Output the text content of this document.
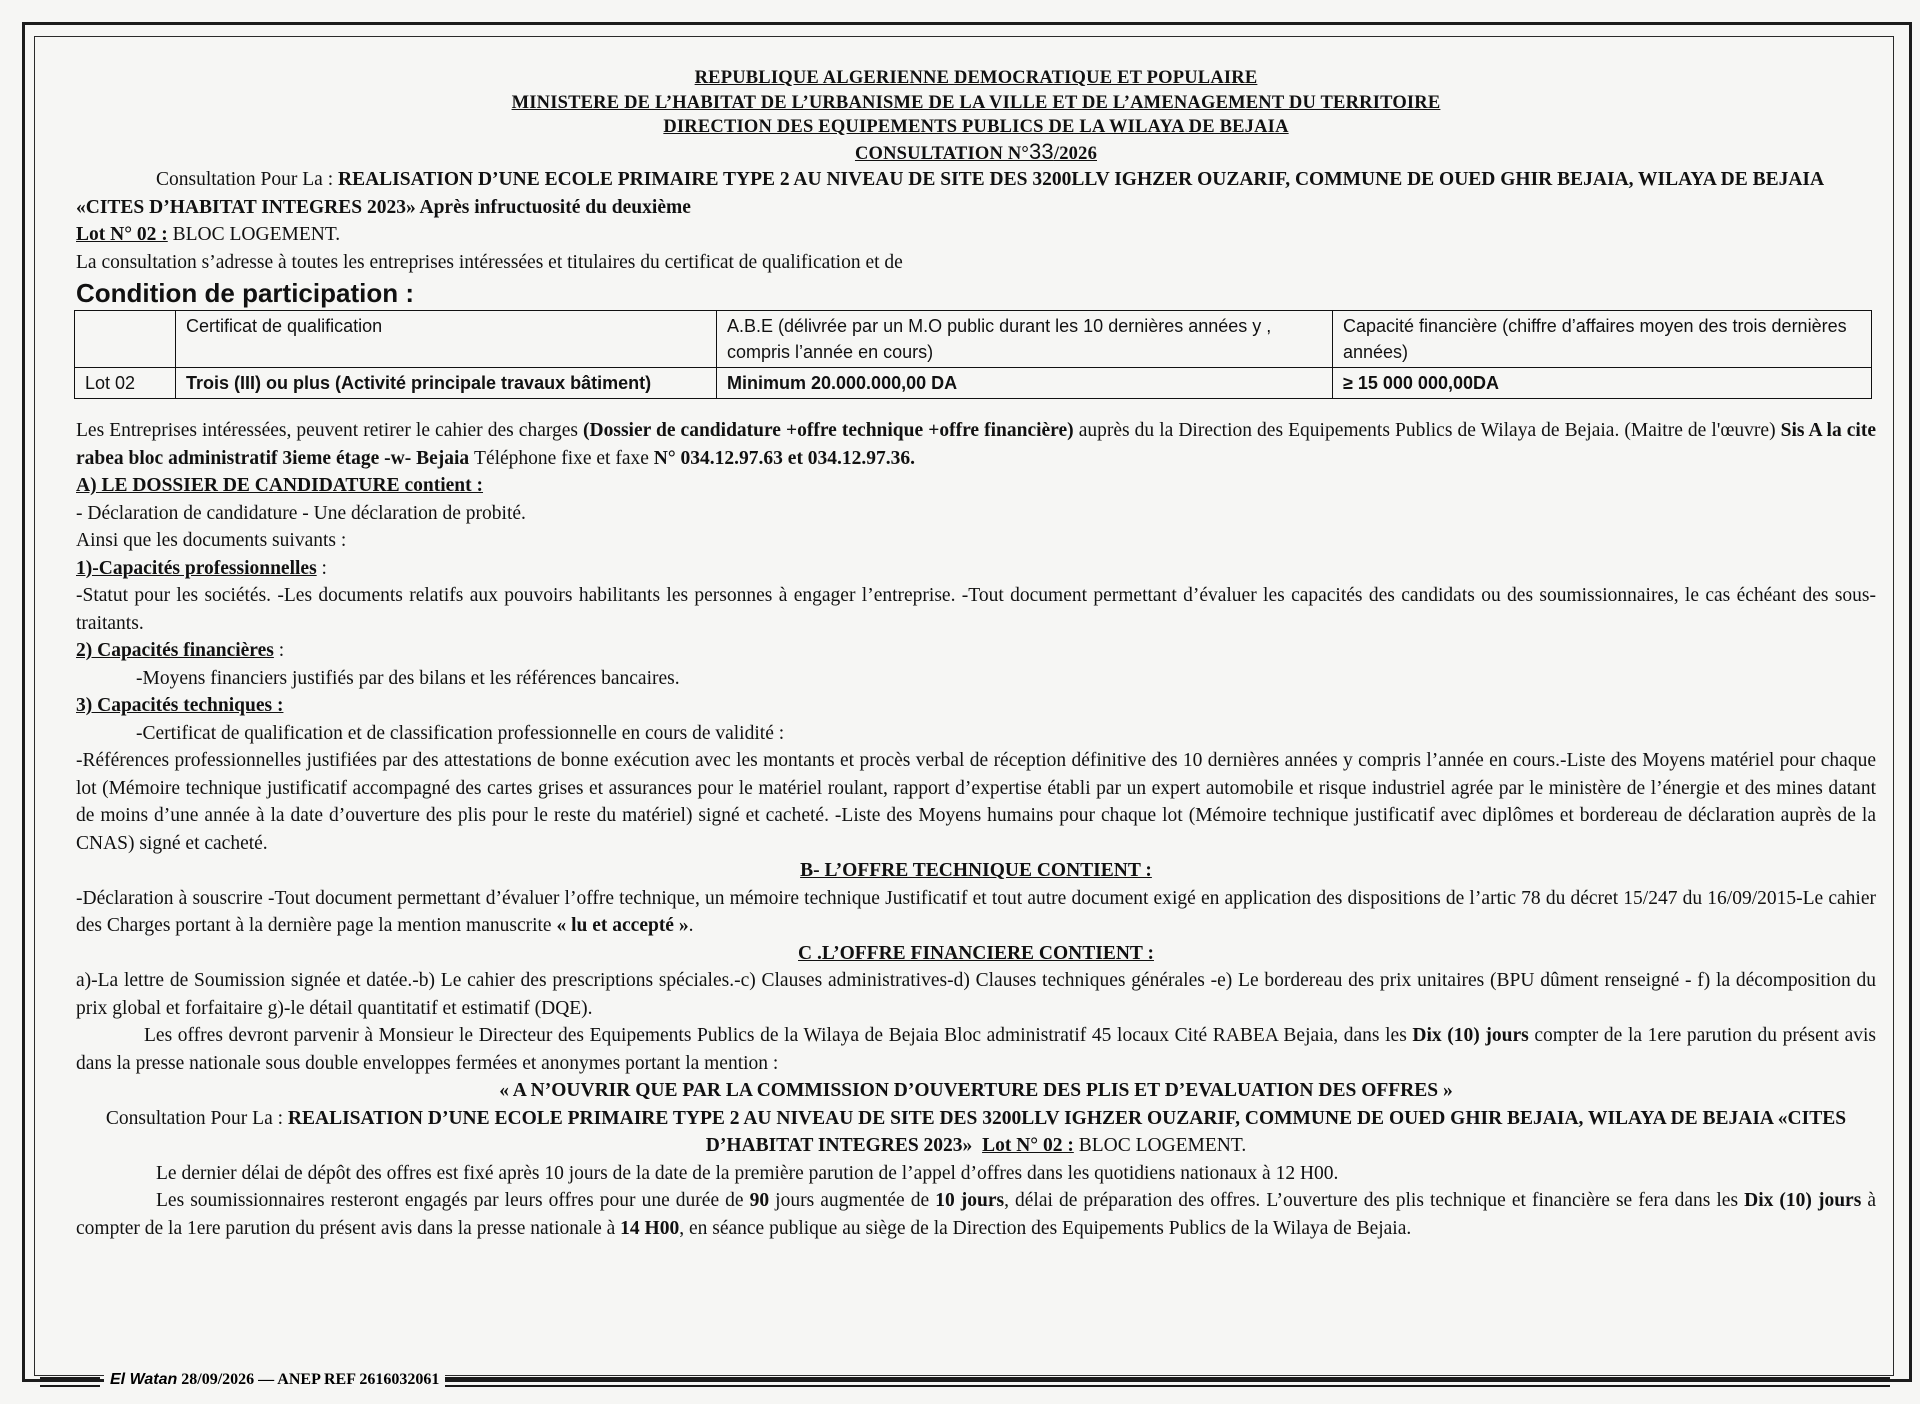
REPUBLIQUE ALGERIENNE DEMOCRATIQUE ET POPULAIRE

MINISTERE DE L’HABITAT DE L’URBANISME DE LA VILLE ET DE L’AMENAGEMENT DU TERRITOIRE

DIRECTION DES EQUIPEMENTS PUBLICS DE LA WILAYA DE BEJAIA

CONSULTATION N°33/2026

Consultation Pour La : REALISATION D’UNE ECOLE PRIMAIRE TYPE 2 AU NIVEAU DE SITE DES 3200LLV IGHZER OUZARIF, COMMUNE DE OUED GHIR BEJAIA, WILAYA DE BEJAIA «CITES D’HABITAT INTEGRES 2023» Après infructuosité du deuxième

Lot N° 02 : BLOC LOGEMENT.

La consultation s’adresse à toutes les entreprises intéressées et titulaires du certificat de qualification et de

Condition de participation :

	Certificat de qualification	A.B.E (délivrée par un M.O public durant les 10 dernières années y , compris l’année en cours)	Capacité financière (chiffre d’affaires moyen des trois dernières années)
Lot 02	Trois (III) ou plus (Activité principale travaux bâtiment)	Minimum 20.000.000,00 DA	≥ 15 000 000,00DA

Les Entreprises intéressées, peuvent retirer le cahier des charges (Dossier de candidature +offre technique +offre financière) auprès du la Direction des Equipements Publics de Wilaya de Bejaia. (Maitre de l'œuvre) Sis A la cite rabea bloc administratif 3ieme étage -w- Bejaia Téléphone fixe et faxe N° 034.12.97.63 et 034.12.97.36.

A) LE DOSSIER DE CANDIDATURE contient :

- Déclaration de candidature - Une déclaration de probité.

Ainsi que les documents suivants :

1)-Capacités professionnelles :

-Statut pour les sociétés. -Les documents relatifs aux pouvoirs habilitants les personnes à engager l’entreprise. -Tout document permettant d’évaluer les capacités des candidats ou des soumissionnaires, le cas échéant des sous-traitants.

2) Capacités financières :

-Moyens financiers justifiés par des bilans et les références bancaires.

3) Capacités techniques :

-Certificat de qualification et de classification professionnelle en cours de validité :

-Références professionnelles justifiées par des attestations de bonne exécution avec les montants et procès verbal de réception définitive des 10 dernières années y compris l’année en cours.-Liste des Moyens matériel pour chaque lot (Mémoire technique justificatif accompagné des cartes grises et assurances pour le matériel roulant, rapport d’expertise établi par un expert automobile et risque industriel agrée par le ministère de l’énergie et des mines datant de moins d’une année à la date d’ouverture des plis pour le reste du matériel) signé et cacheté. -Liste des Moyens humains pour chaque lot (Mémoire technique justificatif avec diplômes et bordereau de déclaration auprès de la CNAS) signé et cacheté.

B- L’OFFRE TECHNIQUE CONTIENT :

-Déclaration à souscrire -Tout document permettant d’évaluer l’offre technique, un mémoire technique Justificatif et tout autre document exigé en application des dispositions de l’artic 78 du décret 15/247 du 16/09/2015-Le cahier des Charges portant à la dernière page la mention manuscrite « lu et accepté ».

C .L’OFFRE FINANCIERE CONTIENT :

a)-La lettre de Soumission signée et datée.-b) Le cahier des prescriptions spéciales.-c) Clauses administratives-d) Clauses techniques générales -e) Le bordereau des prix unitaires (BPU dûment renseigné - f) la décomposition du prix global et forfaitaire g)-le détail quantitatif et estimatif (DQE).

Les offres devront parvenir à Monsieur le Directeur des Equipements Publics de la Wilaya de Bejaia Bloc administratif 45 locaux Cité RABEA Bejaia, dans les Dix (10) jours compter de la 1ere parution du présent avis dans la presse nationale sous double enveloppes fermées et anonymes portant la mention :

« A N’OUVRIR QUE PAR LA COMMISSION D’OUVERTURE DES PLIS ET D’EVALUATION DES OFFRES »

Consultation Pour La : REALISATION D’UNE ECOLE PRIMAIRE TYPE 2 AU NIVEAU DE SITE DES 3200LLV IGHZER OUZARIF, COMMUNE DE OUED GHIR BEJAIA, WILAYA DE BEJAIA «CITES D’HABITAT INTEGRES 2023» Lot N° 02 : BLOC LOGEMENT.

Le dernier délai de dépôt des offres est fixé après 10 jours de la date de la première parution de l’appel d’offres dans les quotidiens nationaux à 12 H00.

Les soumissionnaires resteront engagés par leurs offres pour une durée de 90 jours augmentée de 10 jours, délai de préparation des offres. L’ouverture des plis technique et financière se fera dans les Dix (10) jours à compter de la 1ere parution du présent avis dans la presse nationale à 14 H00, en séance publique au siège de la Direction des Equipements Publics de la Wilaya de Bejaia.

El Watan 28/09/2026 — ANEP REF 2616032061
